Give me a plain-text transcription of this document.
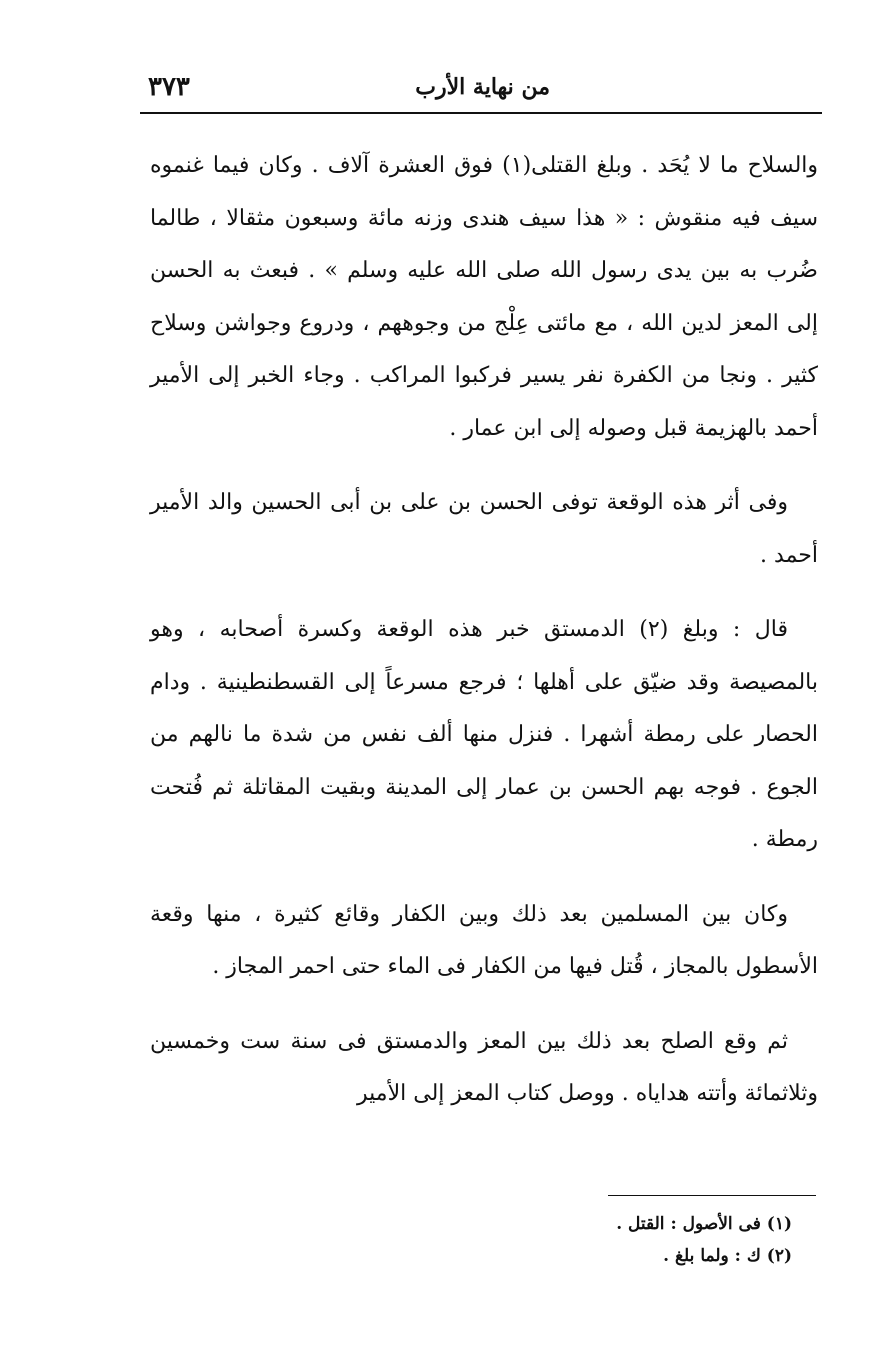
من نهاية الأرب
٣٧٣

والسلاح ما لا يُحَد . وبلغ القتلى(١) فوق العشرة آلاف . وكان فيما غنموه سيف فيه منقوش : « هذا سيف هندى وزنه مائة وسبعون مثقالا ، طالما ضُرب به بين يدى رسول الله صلى الله عليه وسلم » . فبعث به الحسن إلى المعز لدين الله ، مع مائتى عِلْج من وجوههم ، ودروع وجواشن وسلاح كثير . ونجا من الكفرة نفر يسير فركبوا المراكب . وجاء الخبر إلى الأمير أحمد بالهزيمة قبل وصوله إلى ابن عمار .

وفى أثر هذه الوقعة توفى الحسن بن على بن أبى الحسين والد الأمير أحمد .

قال : وبلغ (٢) الدمستق خبر هذه الوقعة وكسرة أصحابه ، وهو بالمصيصة وقد ضيّق على أهلها ؛ فرجع مسرعاً إلى القسطنطينية . ودام الحصار على رمطة أشهرا . فنزل منها ألف نفس من شدة ما نالهم من الجوع . فوجه بهم الحسن بن عمار إلى المدينة وبقيت المقاتلة ثم فُتحت رمطة .

وكان بين المسلمين بعد ذلك وبين الكفار وقائع كثيرة ، منها وقعة الأسطول بالمجاز ، قُتل فيها من الكفار فى الماء حتى احمر المجاز .

ثم وقع الصلح بعد ذلك بين المعز والدمستق فى سنة ست وخمسين وثلاثمائة وأتته هداياه . ووصل كتاب المعز إلى الأمير

(١) فى الأصول : القتل .

(٢) ك : ولما بلغ .
